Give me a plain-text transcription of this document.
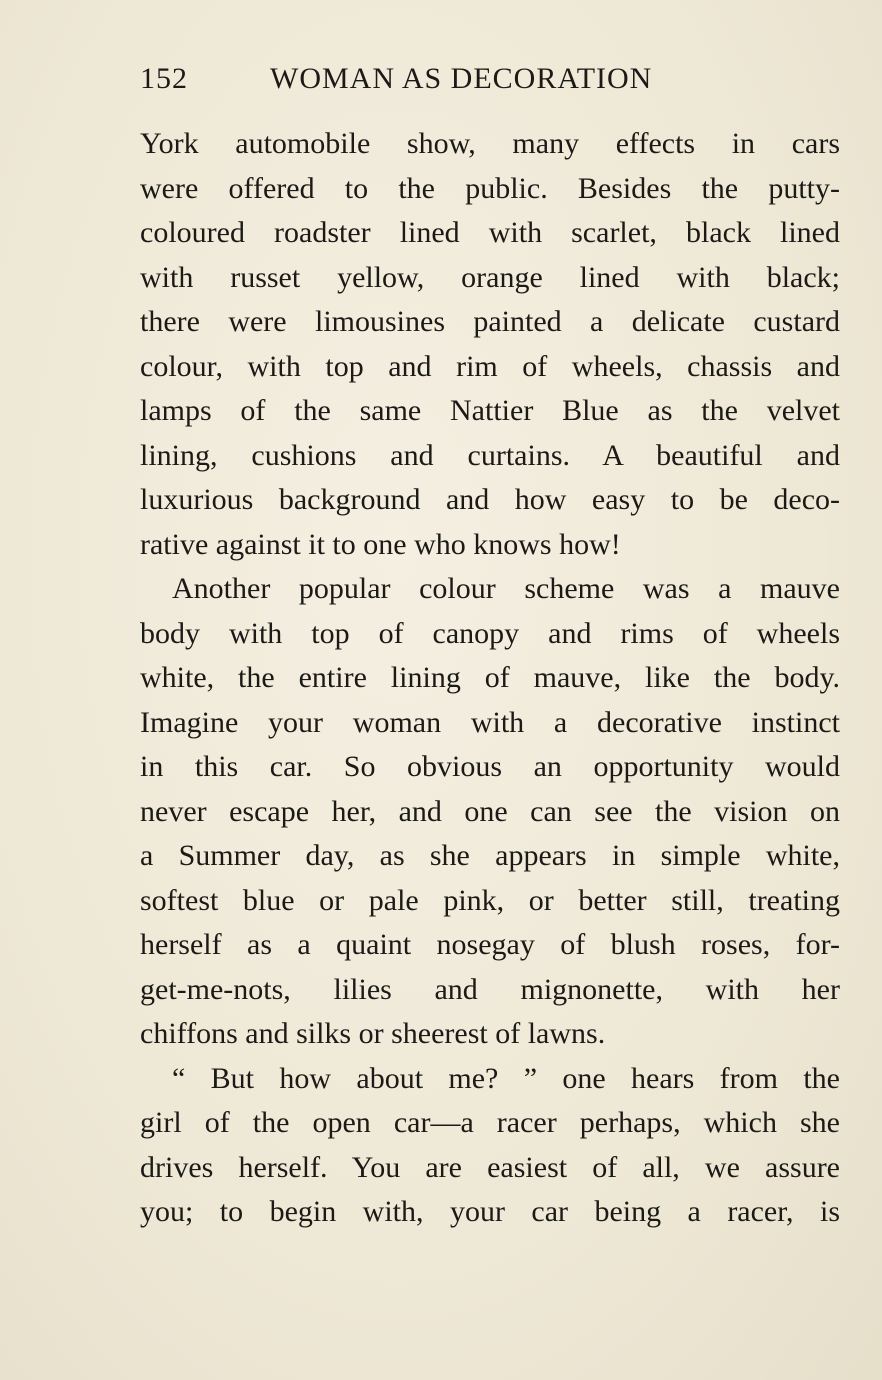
152	WOMAN AS DECORATION
York automobile show, many effects in cars
were offered to the public. Besides the putty-
coloured roadster lined with scarlet, black lined
with russet yellow, orange lined with black;
there were limousines painted a delicate custard
colour, with top and rim of wheels, chassis and
lamps of the same Nattier Blue as the velvet
lining, cushions and curtains. A beautiful and
luxurious background and how easy to be deco-
rative against it to one who knows how!
Another popular colour scheme was a mauve
body with top of canopy and rims of wheels
white, the entire lining of mauve, like the body.
Imagine your woman with a decorative instinct
in this car. So obvious an opportunity would
never escape her, and one can see the vision on
a Summer day, as she appears in simple white,
softest blue or pale pink, or better still, treating
herself as a quaint nosegay of blush roses, for-
get-me-nots, lilies and mignonette, with her
chiffons and silks or sheerest of lawns.
“ But how about me? ” one hears from the
girl of the open car—a racer perhaps, which she
drives herself. You are easiest of all, we assure
you; to begin with, your car being a racer, is
